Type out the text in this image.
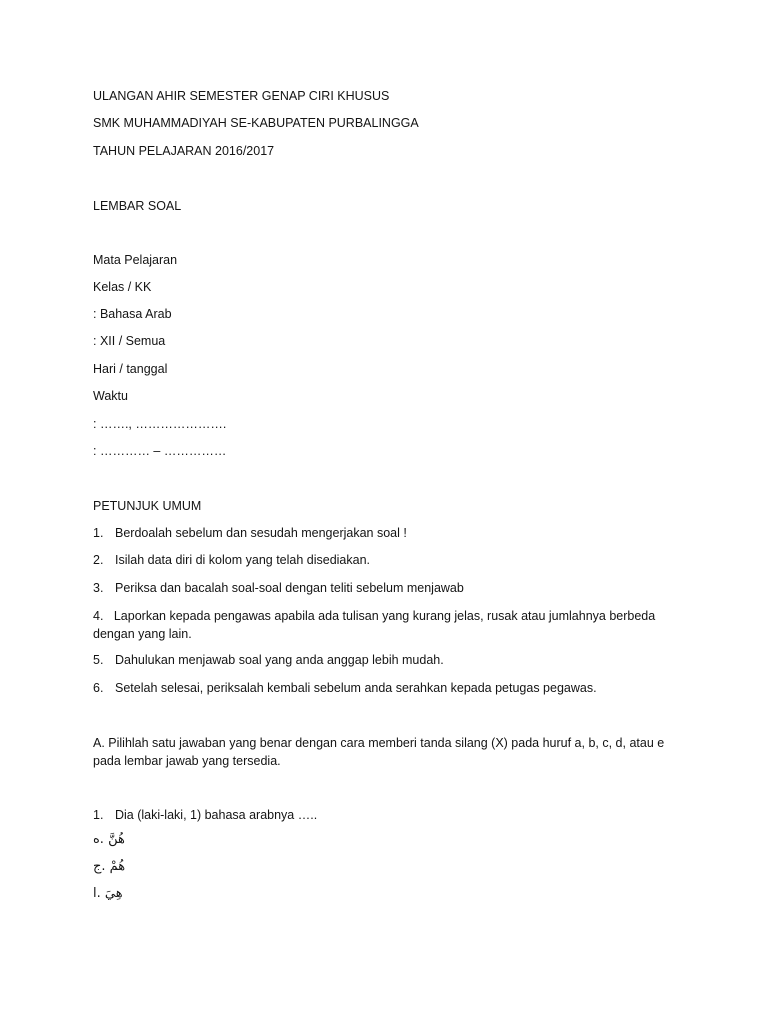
ULANGAN AHIR SEMESTER GENAP CIRI KHUSUS
SMK MUHAMMADIYAH SE-KABUPATEN PURBALINGGA
TAHUN PELAJARAN 2016/2017
LEMBAR SOAL
Mata Pelajaran
Kelas / KK
: Bahasa Arab
: XII / Semua
Hari / tanggal
Waktu
: ……., ………………….
: ………… – ……………
PETUNJUK UMUM
1. Berdoalah sebelum dan sesudah mengerjakan soal !
2. Isilah data diri di kolom yang telah disediakan.
3. Periksa dan bacalah soal-soal dengan teliti sebelum menjawab
4. Laporkan kepada pengawas apabila ada tulisan yang kurang jelas, rusak atau jumlahnya berbeda dengan yang lain.
5. Dahulukan menjawab soal yang anda anggap lebih mudah.
6. Setelah selesai, periksalah kembali sebelum anda serahkan kepada petugas pegawas.
A. Pilihlah satu jawaban yang benar dengan cara memberi tanda silang (X) pada huruf a, b, c, d, atau e pada lembar jawab yang tersedia.
1. Dia (laki-laki, 1) bahasa arabnya …..
هُنَّ .ه
هُمْ .ج
هِيَ .ا
